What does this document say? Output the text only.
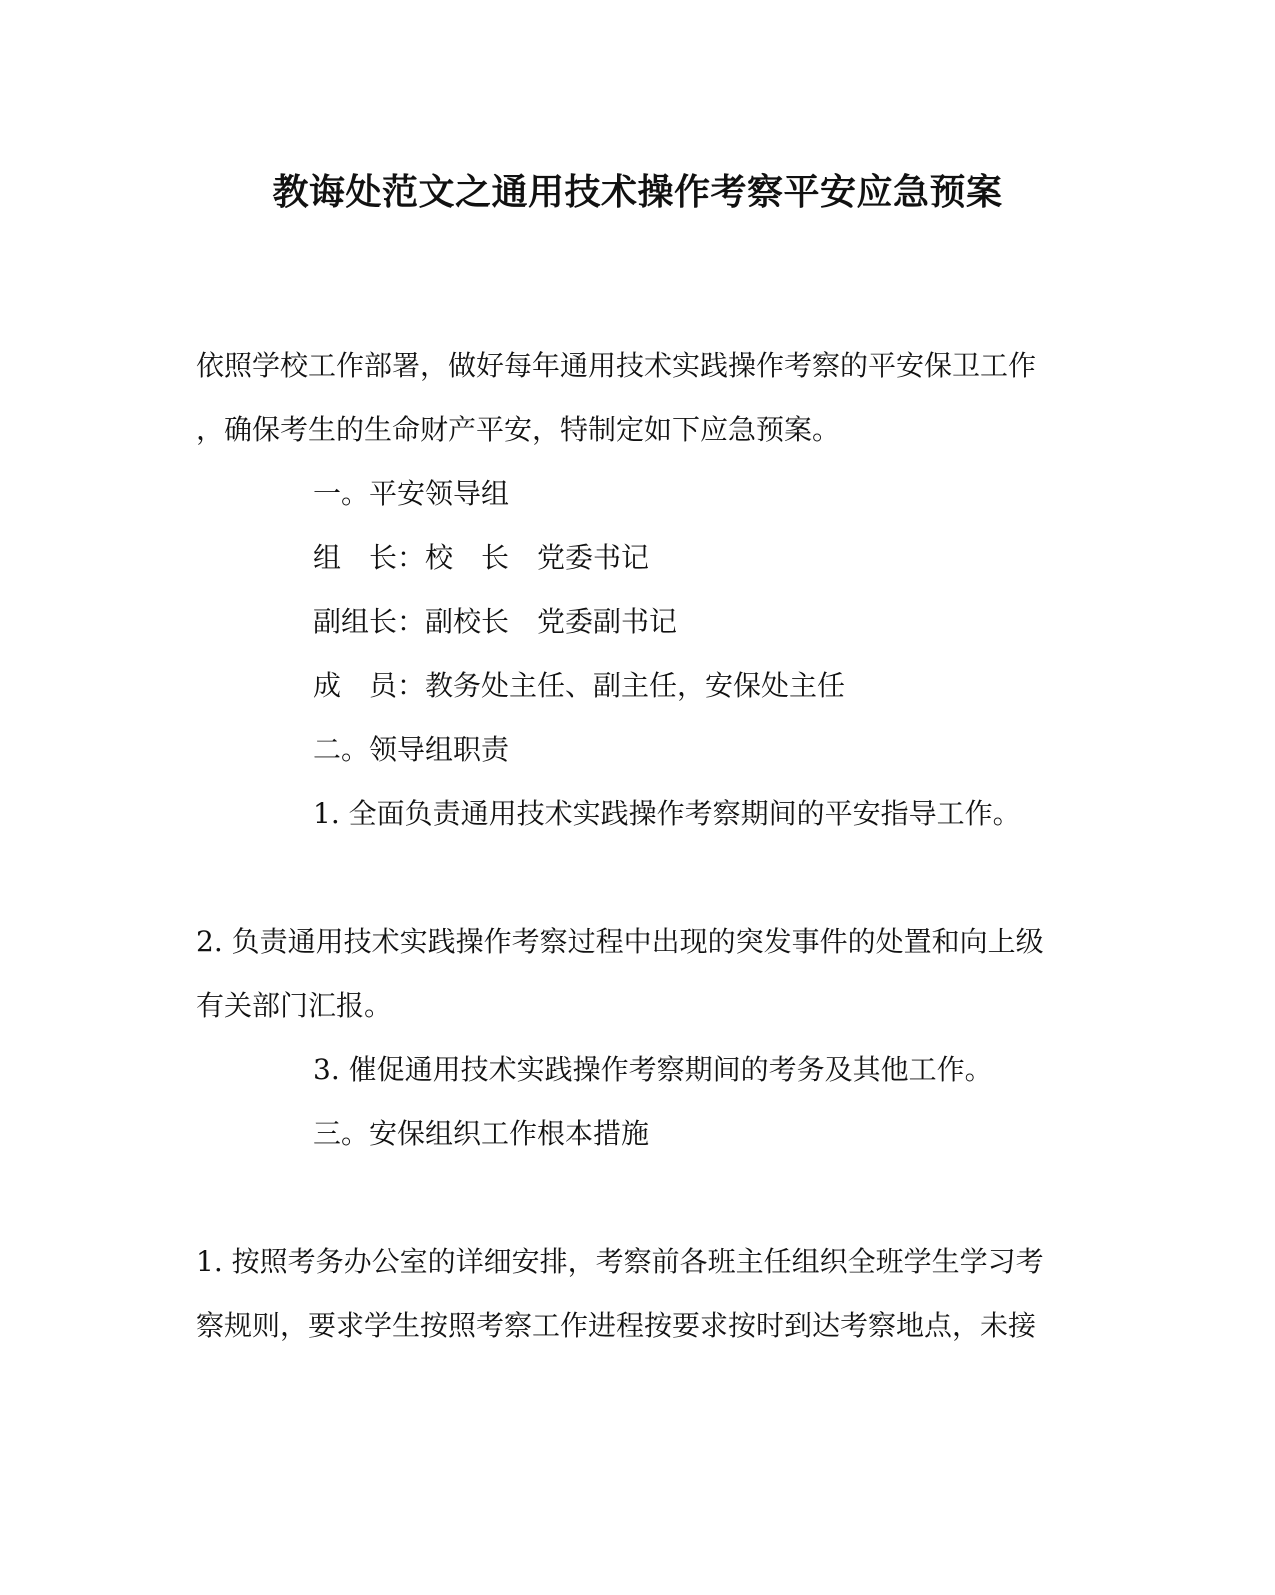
教诲处范文之通用技术操作考察平安应急预案

依照学校工作部署，做好每年通用技术实践操作考察的平安保卫工作

，确保考生的生命财产平安，特制定如下应急预案。

一。平安领导组

组　长：校　长　党委书记

副组长：副校长　党委副书记

成　员：教务处主任、副主任，安保处主任

二。领导组职责

1. 全面负责通用技术实践操作考察期间的平安指导工作。

2. 负责通用技术实践操作考察过程中出现的突发事件的处置和向上级

有关部门汇报。

3. 催促通用技术实践操作考察期间的考务及其他工作。

三。安保组织工作根本措施

1. 按照考务办公室的详细安排，考察前各班主任组织全班学生学习考

察规则，要求学生按照考察工作进程按要求按时到达考察地点，未接
